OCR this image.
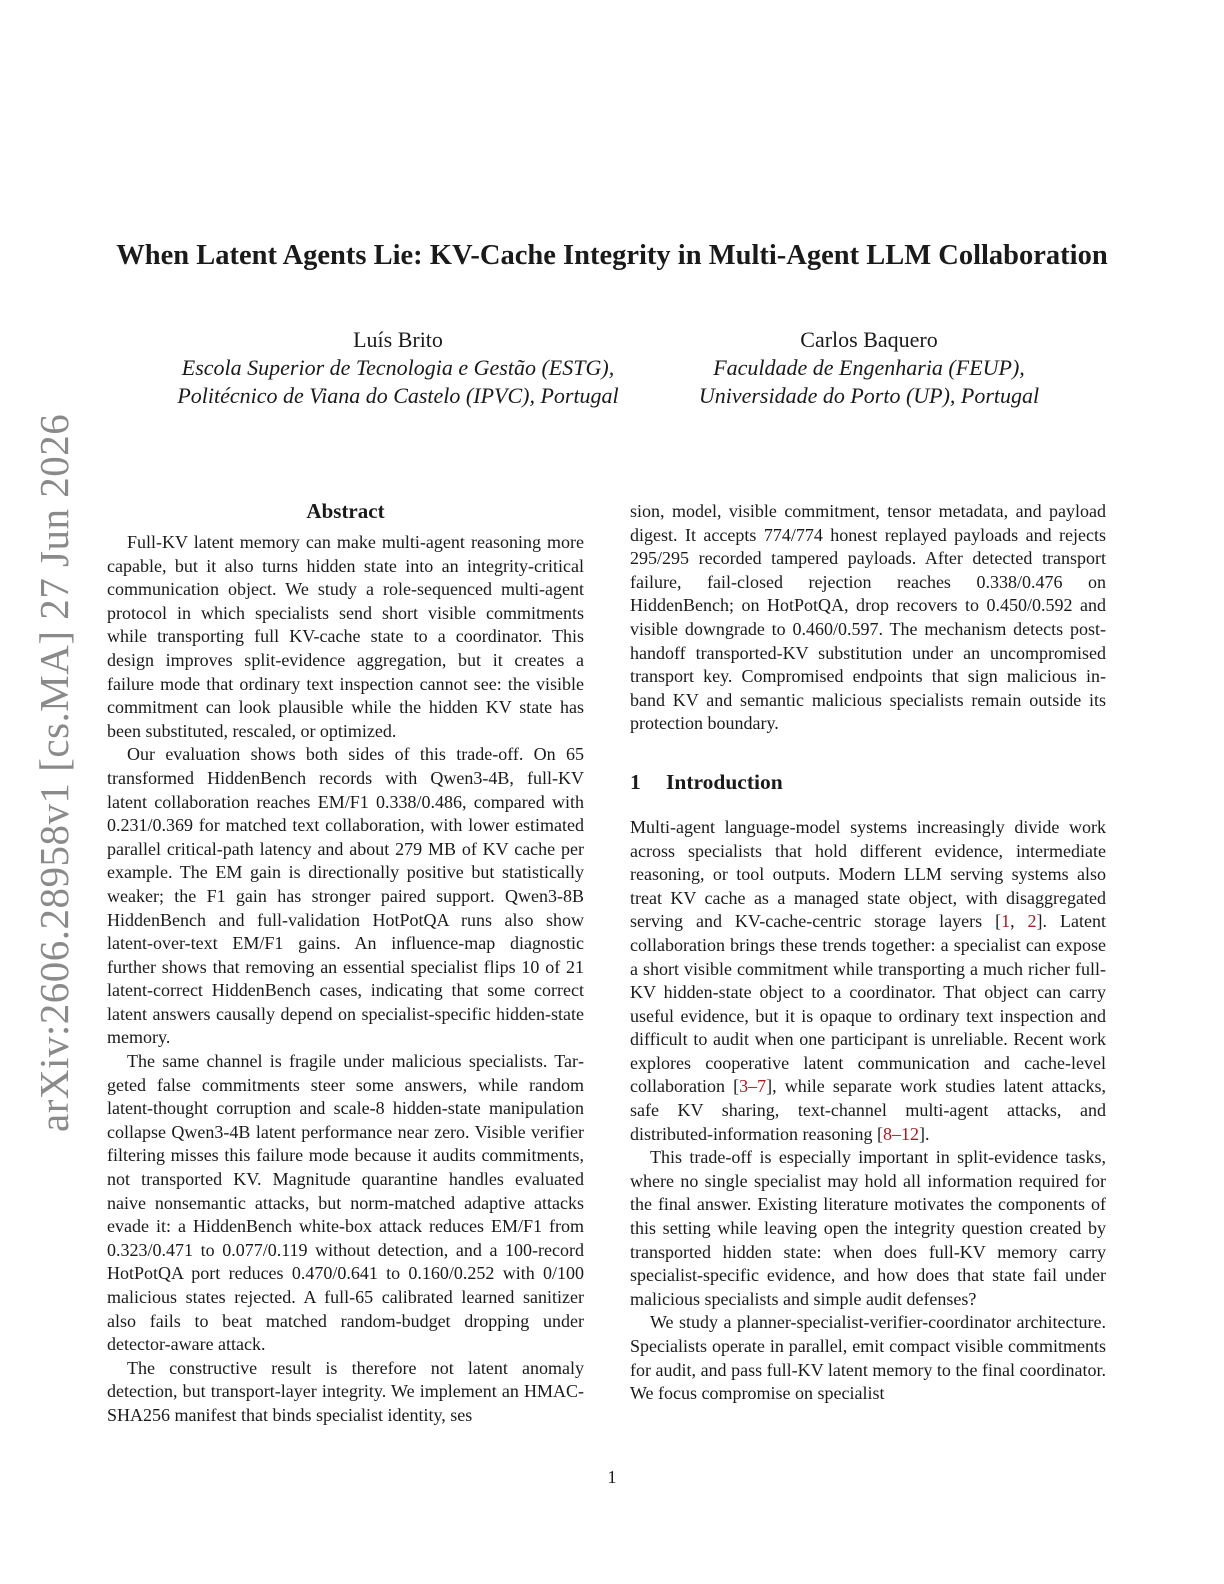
arXiv:2606.28958v1 [cs.MA] 27 Jun 2026
When Latent Agents Lie: KV-Cache Integrity in Multi-Agent LLM Collaboration
Luís Brito
Escola Superior de Tecnologia e Gestão (ESTG),
Politécnico de Viana do Castelo (IPVC), Portugal
Carlos Baquero
Faculdade de Engenharia (FEUP),
Universidade do Porto (UP), Portugal
Abstract

Full-KV latent memory can make multi-agent reasoning more capable, but it also turns hidden state into an integrity-critical communication object. We study a role-sequenced multi-agent protocol in which specialists send short visible commitments while transporting full KV-cache state to a coordinator. This design improves split-evidence aggregation, but it creates a failure mode that ordinary text inspection cannot see: the visible commitment can look plausible while the hidden KV state has been substituted, rescaled, or optimized.

Our evaluation shows both sides of this trade-off. On 65 transformed HiddenBench records with Qwen3-4B, full-KV latent collaboration reaches EM/F1 0.338/0.486, compared with 0.231/0.369 for matched text collaboration, with lower estimated parallel critical-path latency and about 279 MB of KV cache per example. The EM gain is directionally positive but statistically weaker; the F1 gain has stronger paired support. Qwen3-8B HiddenBench and full-validation HotPotQA runs also show latent-over-text EM/F1 gains. An influence-map diagnostic further shows that removing an essential specialist flips 10 of 21 latent-correct HiddenBench cases, indicating that some correct latent answers causally depend on specialist-specific hidden-state memory.

The same channel is fragile under malicious specialists. Targeted false commitments steer some answers, while random latent-thought corruption and scale-8 hidden-state manipulation collapse Qwen3-4B latent performance near zero. Visible verifier filtering misses this failure mode because it audits commitments, not transported KV. Magnitude quarantine handles evaluated naive nonsemantic attacks, but norm-matched adaptive attacks evade it: a HiddenBench white-box attack reduces EM/F1 from 0.323/0.471 to 0.077/0.119 without detection, and a 100-record HotPotQA port reduces 0.470/0.641 to 0.160/0.252 with 0/100 malicious states rejected. A full-65 calibrated learned sanitizer also fails to beat matched random-budget dropping under detector-aware attack.

The constructive result is therefore not latent anomaly detection, but transport-layer integrity. We implement an HMAC-SHA256 manifest that binds specialist identity, ses

sion, model, visible commitment, tensor metadata, and payload digest. It accepts 774/774 honest replayed payloads and rejects 295/295 recorded tampered payloads. After detected transport failure, fail-closed rejection reaches 0.338/0.476 on HiddenBench; on HotPotQA, drop recovers to 0.450/0.592 and visible downgrade to 0.460/0.597. The mechanism detects post-handoff transported-KV substitution under an uncompromised transport key. Compromised endpoints that sign malicious in-band KV and semantic malicious specialists remain outside its protection boundary.

1 Introduction

Multi-agent language-model systems increasingly divide work across specialists that hold different evidence, intermediate reasoning, or tool outputs. Modern LLM serving systems also treat KV cache as a managed state object, with disaggregated serving and KV-cache-centric storage layers [1, 2]. Latent collaboration brings these trends together: a specialist can expose a short visible commitment while transporting a much richer full-KV hidden-state object to a coordinator. That object can carry useful evidence, but it is opaque to ordinary text inspection and difficult to audit when one participant is unreliable. Recent work explores cooperative latent communication and cache-level collaboration [3–7], while separate work studies latent attacks, safe KV sharing, text-channel multi-agent attacks, and distributed-information reasoning [8–12].

This trade-off is especially important in split-evidence tasks, where no single specialist may hold all information required for the final answer. Existing literature motivates the components of this setting while leaving open the integrity question created by transported hidden state: when does full-KV memory carry specialist-specific evidence, and how does that state fail under malicious specialists and simple audit defenses?

We study a planner-specialist-verifier-coordinator architecture. Specialists operate in parallel, emit compact visible commitments for audit, and pass full-KV latent memory to the final coordinator. We focus compromise on specialist

1
